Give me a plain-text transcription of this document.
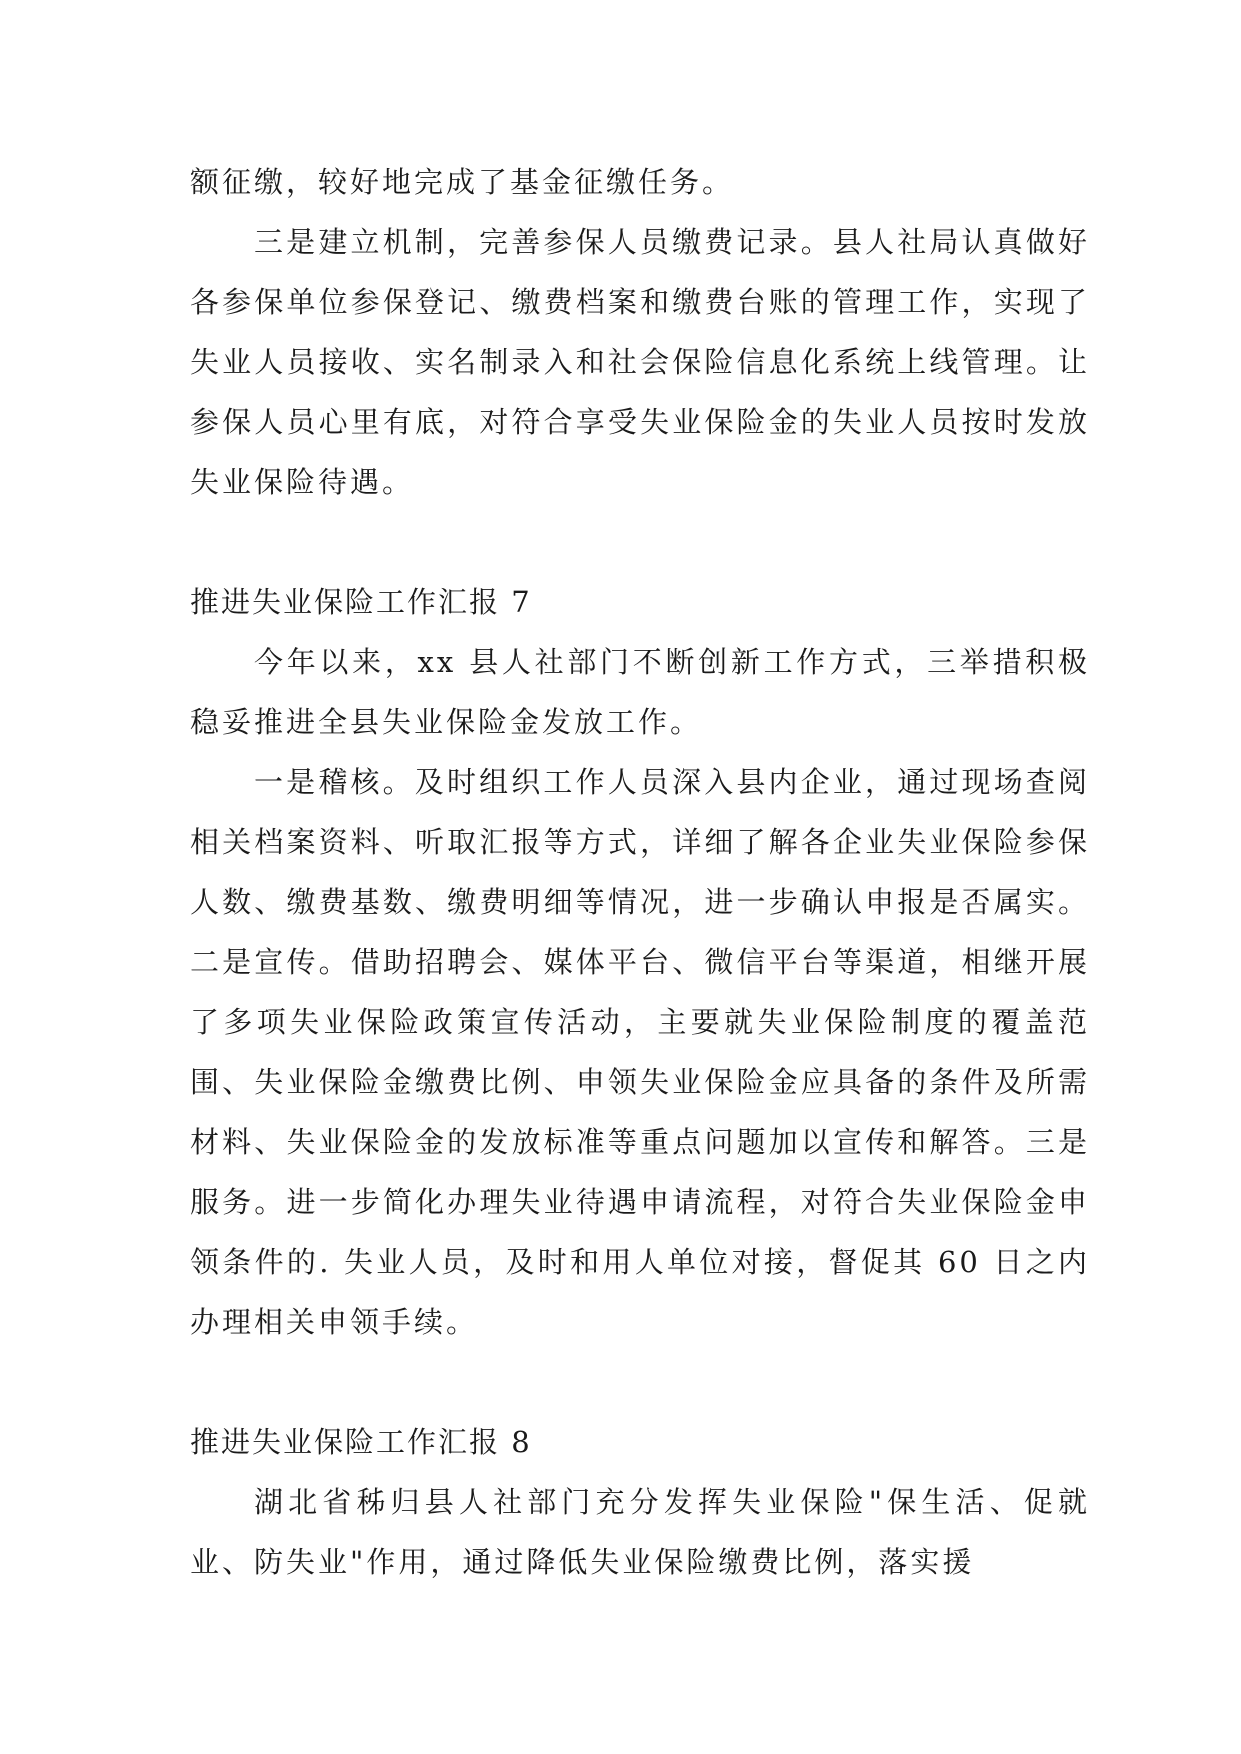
额征缴，较好地完成了基金征缴任务。

三是建立机制，完善参保人员缴费记录。县人社局认真做好各参保单位参保登记、缴费档案和缴费台账的管理工作，实现了失业人员接收、实名制录入和社会保险信息化系统上线管理。让参保人员心里有底，对符合享受失业保险金的失业人员按时发放失业保险待遇。

推进失业保险工作汇报 7

今年以来，xx 县人社部门不断创新工作方式，三举措积极稳妥推进全县失业保险金发放工作。

一是稽核。及时组织工作人员深入县内企业，通过现场查阅相关档案资料、听取汇报等方式，详细了解各企业失业保险参保人数、缴费基数、缴费明细等情况，进一步确认申报是否属实。二是宣传。借助招聘会、媒体平台、微信平台等渠道，相继开展了多项失业保险政策宣传活动，主要就失业保险制度的覆盖范围、失业保险金缴费比例、申领失业保险金应具备的条件及所需材料、失业保险金的发放标准等重点问题加以宣传和解答。三是服务。进一步简化办理失业待遇申请流程，对符合失业保险金申领条件的. 失业人员，及时和用人单位对接，督促其 60 日之内办理相关申领手续。

推进失业保险工作汇报 8

湖北省秭归县人社部门充分发挥失业保险"保生活、促就业、防失业"作用，通过降低失业保险缴费比例，落实援
